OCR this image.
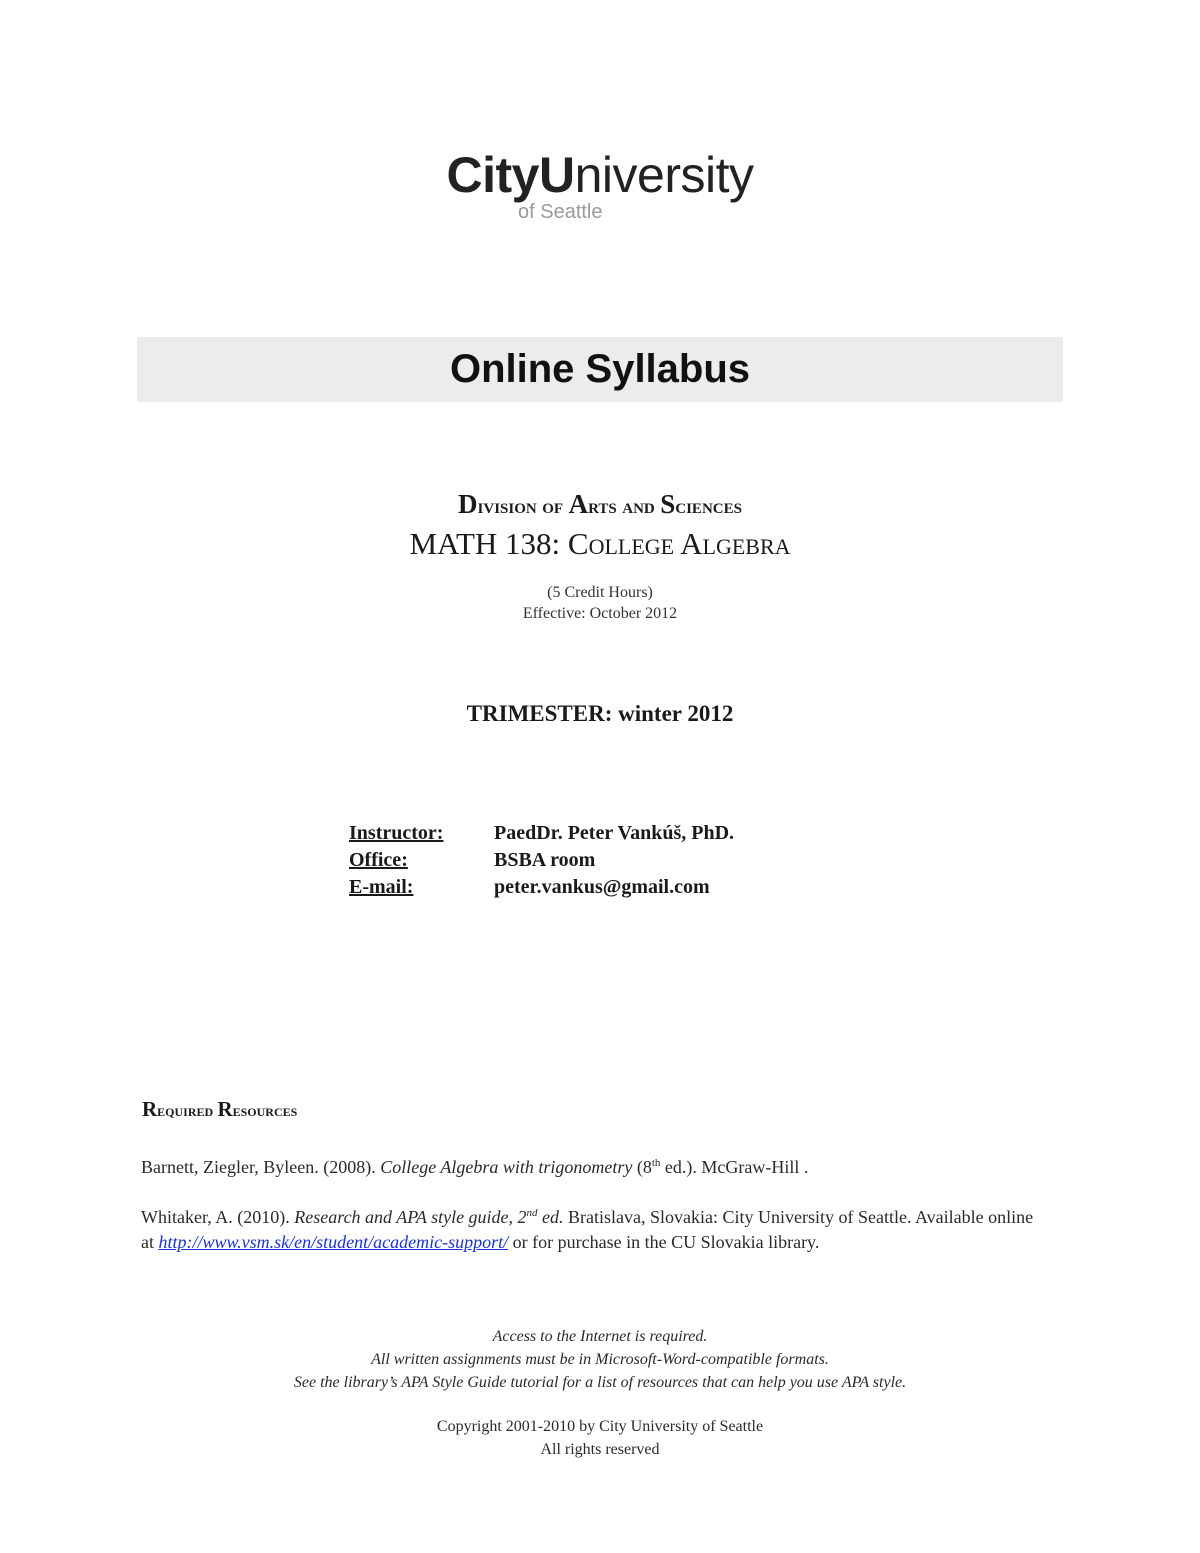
CityUniversity
of Seattle
Online Syllabus
Division of Arts and Sciences
MATH 138: College Algebra
(5 Credit Hours)
Effective: October 2012
TRIMESTER: winter 2012
Instructor:	PaedDr. Peter Vankúš, PhD.
Office:	BSBA room
E-mail:	peter.vankus@gmail.com
Required Resources
Barnett, Ziegler, Byleen. (2008). College Algebra with trigonometry (8th ed.). McGraw-Hill .
Whitaker, A. (2010). Research and APA style guide, 2nd ed. Bratislava, Slovakia: City University of Seattle. Available online at http://www.vsm.sk/en/student/academic-support/ or for purchase in the CU Slovakia library.
Access to the Internet is required.
All written assignments must be in Microsoft-Word-compatible formats.
See the library’s APA Style Guide tutorial for a list of resources that can help you use APA style.
Copyright 2001-2010 by City University of Seattle
All rights reserved
